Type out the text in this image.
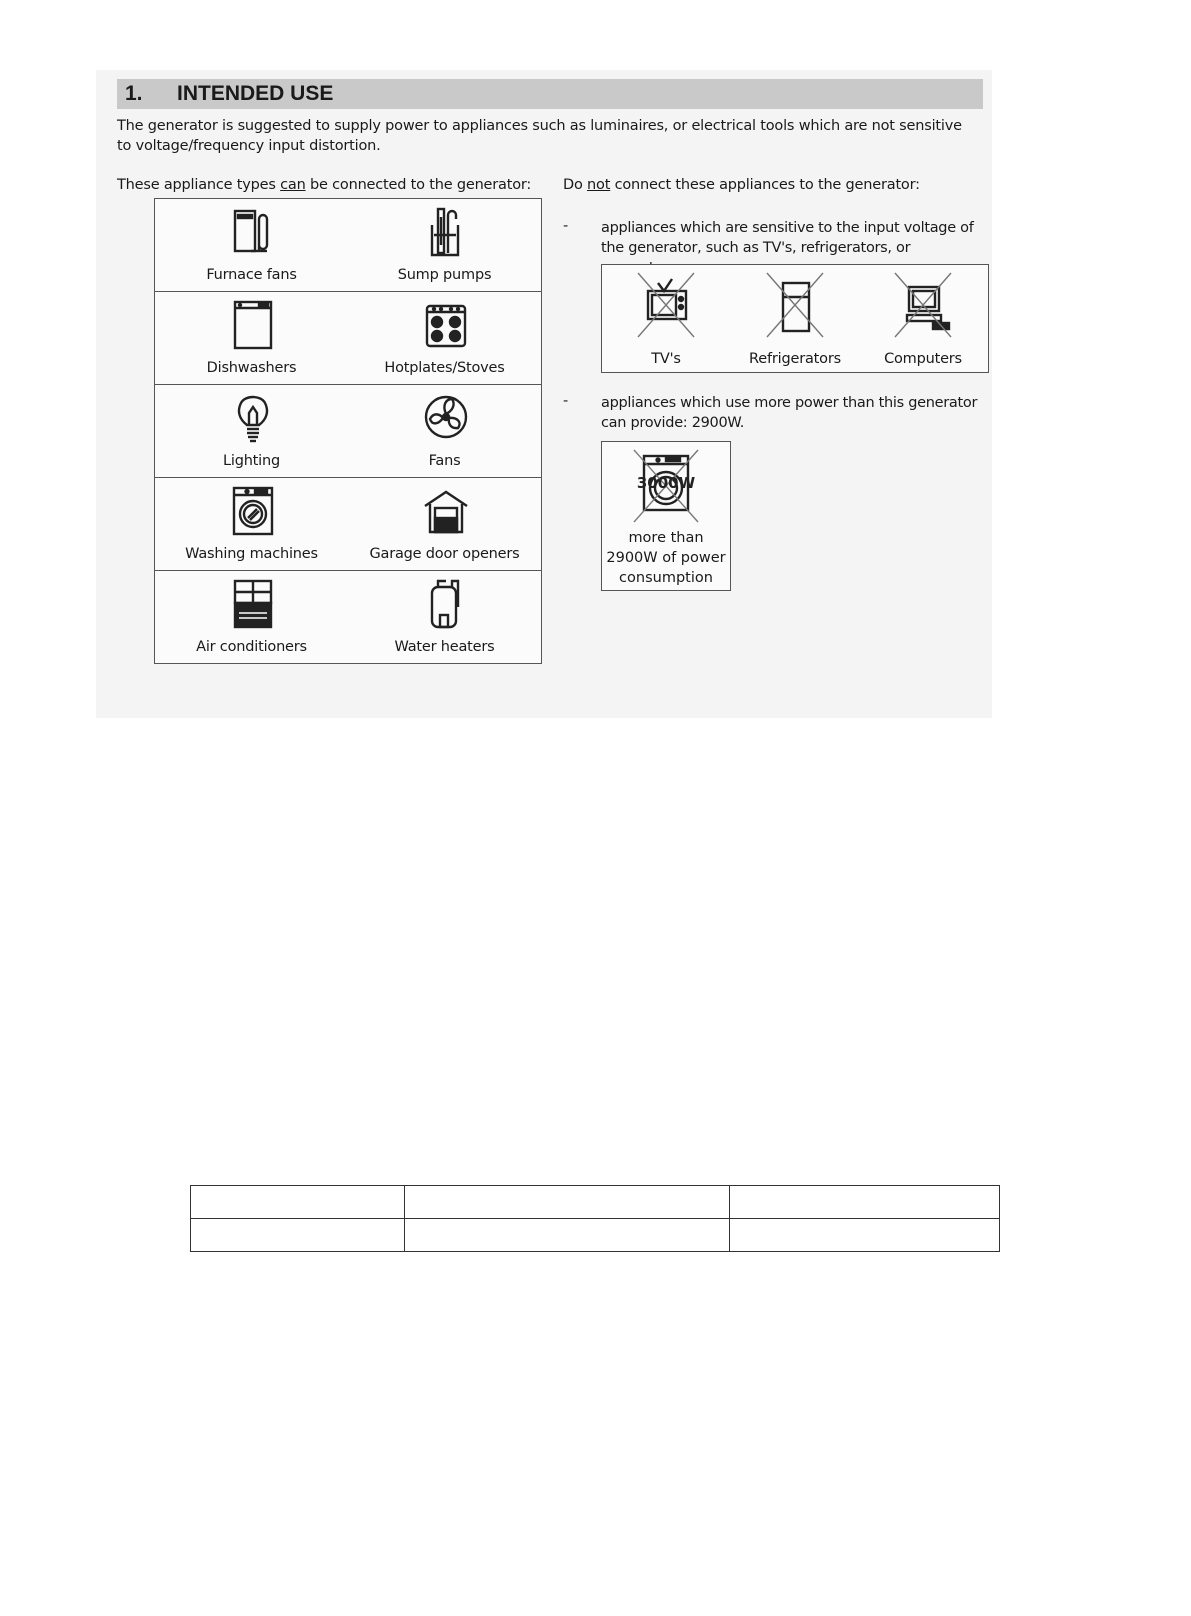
1. INTENDED USE
The generator is suggested to supply power to appliances such as luminaires, or electrical tools which are not sensitive to voltage/frequency input distortion.
These appliance types can be connected to the generator: Do not connect these appliances to the generator:
Furnace fans	Sump pumps
Dishwashers	Hotplates/Stoves
Lighting	Fans
Washing machines	Garage door openers
Air conditioners	Water heaters
- appliances which are sensitive to the input voltage of the generator, such as TV's, refrigerators, or
TV's	Refrigerators	Computers
- appliances which use more power than this generator can provide: 2900W.
3000W
more than 2900W of power consumption
